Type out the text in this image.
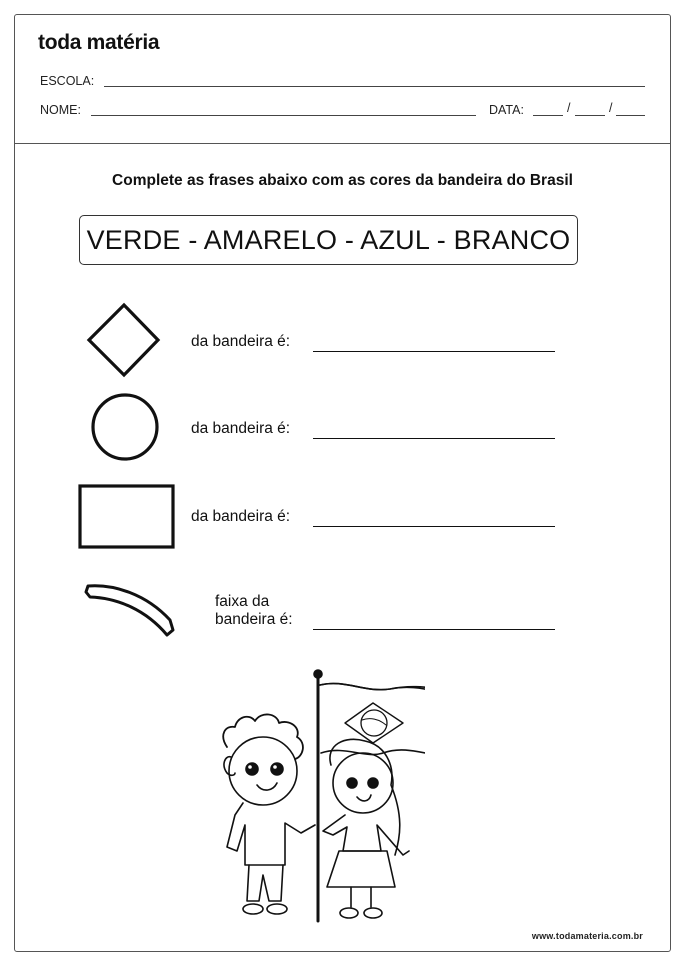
toda matéria
ESCOLA:
NOME:	DATA:	/	/
Complete as frases abaixo com as cores da bandeira do Brasil
VERDE - AMARELO - AZUL - BRANCO
da bandeira é:
da bandeira é:
da bandeira é:
faixa da
bandeira é:
www.todamateria.com.br
